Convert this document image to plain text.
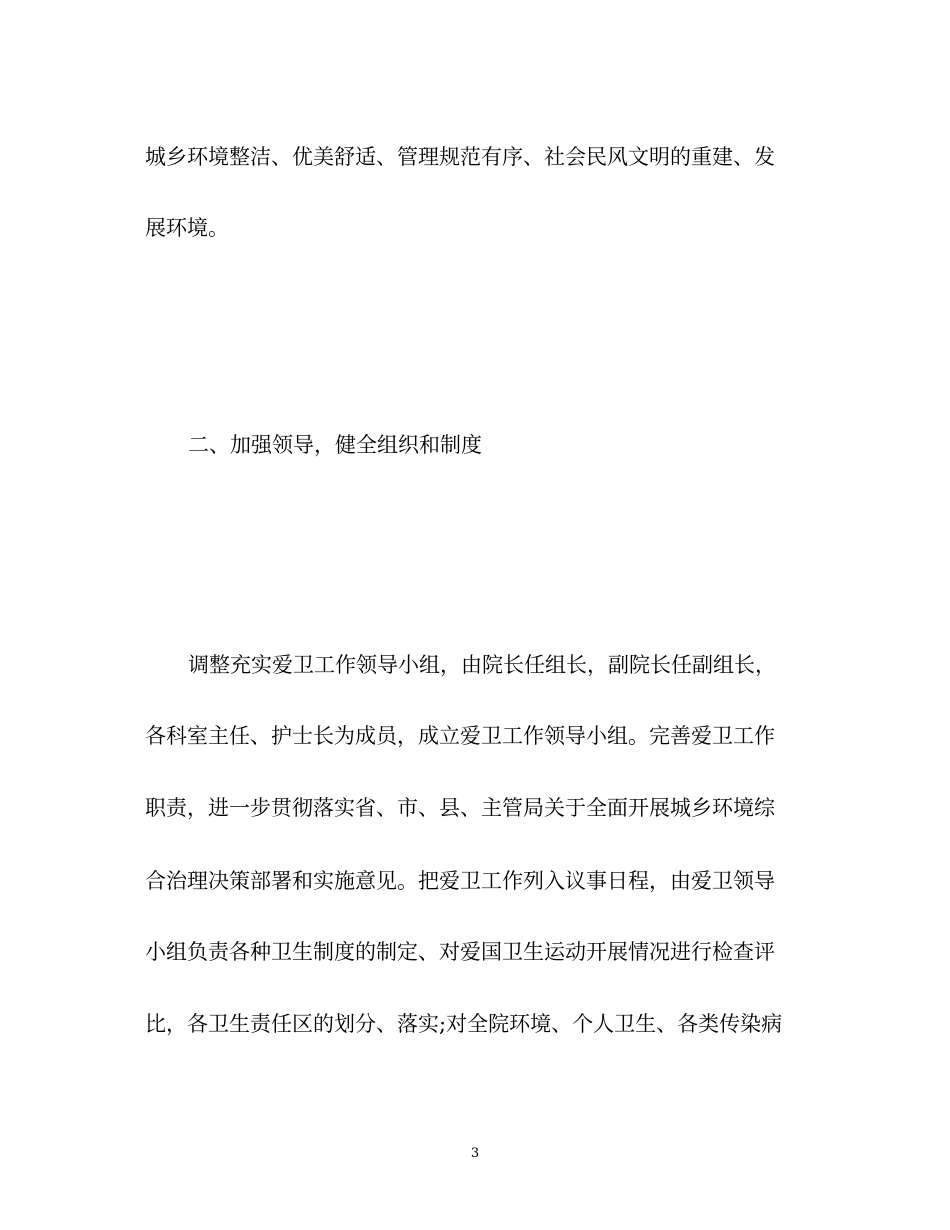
城乡环境整洁、优美舒适、管理规范有序、社会民风文明的重建、发
展环境。
二、加强领导，健全组织和制度
调整充实爱卫工作领导小组，由院长任组长，副院长任副组长，
各科室主任、护士长为成员，成立爱卫工作领导小组。完善爱卫工作
职责，进一步贯彻落实省、市、县、主管局关于全面开展城乡环境综
合治理决策部署和实施意见。把爱卫工作列入议事日程，由爱卫领导
小组负责各种卫生制度的制定、对爱国卫生运动开展情况进行检查评
比，各卫生责任区的划分、落实;对全院环境、个人卫生、各类传染病
3
